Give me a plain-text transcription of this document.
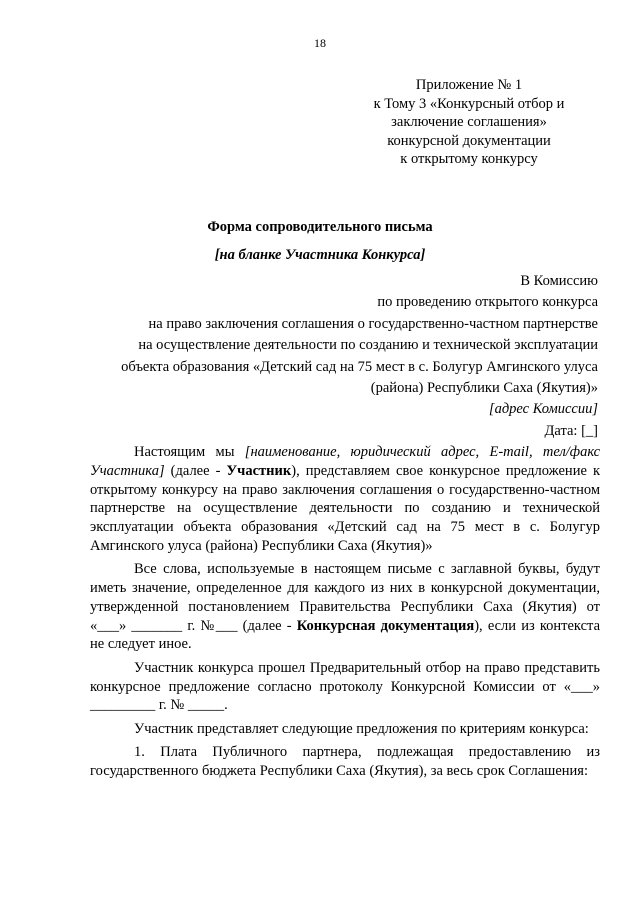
18
Приложение № 1
к Тому 3 «Конкурсный отбор и
заключение соглашения»
конкурсной документации
к открытому конкурсу
Форма сопроводительного письма
[на бланке Участника Конкурса]
В Комиссию
по проведению открытого конкурса
на право заключения соглашения о государственно-частном партнерстве
на осуществление деятельности по созданию и технической эксплуатации
объекта образования «Детский сад на 75 мест в с. Болугур Амгинского улуса
(района) Республики Саха (Якутия)»
[адрес Комиссии]
Дата: [_]

Настоящим мы [наименование, юридический адрес, E-mail, тел/факс Участника] (далее - Участник), представляем свое конкурсное предложение к открытому конкурсу на право заключения соглашения о государственно-частном партнерстве на осуществление деятельности по созданию и технической эксплуатации объекта образования «Детский сад на 75 мест в с. Болугур Амгинского улуса (района) Республики Саха (Якутия)»

Все слова, используемые в настоящем письме с заглавной буквы, будут иметь значение, определенное для каждого из них в конкурсной документации, утвержденной постановлением Правительства Республики Саха (Якутия) от «___» _______ г. №___ (далее - Конкурсная документация), если из контекста не следует иное.

Участник конкурса прошел Предварительный отбор на право представить конкурсное предложение согласно протоколу Конкурсной Комиссии от «___» _________ г. № _____.

Участник представляет следующие предложения по критериям конкурса:

1. Плата Публичного партнера, подлежащая предоставлению из государственного бюджета Республики Саха (Якутия), за весь срок Соглашения:
